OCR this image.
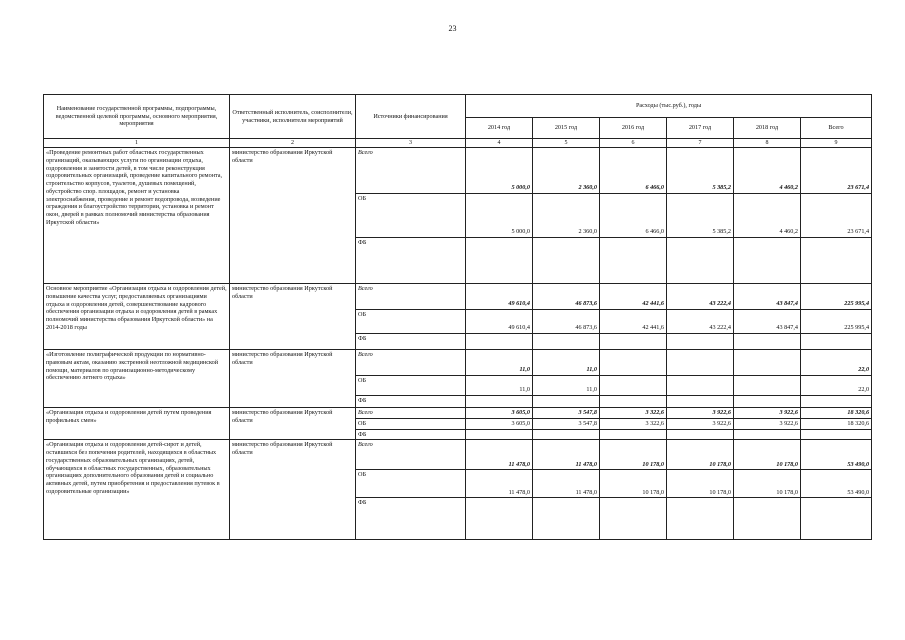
23
Наименование государственной программы, подпрограммы, ведомственной целевой программы, основного мероприятия, мероприятия	Ответственный исполнитель, соисполнители, участники, исполнители мероприятий	Источники финансирования	Расходы (тыс.руб.), годы					
			2014 год	2015 год	2016 год	2017 год	2018 год	Всего
1	2	3	4	5	6	7	8	9
«Проведение ремонтных работ областных государственных организаций, оказывающих услуги по организации отдыха, оздоровления и занятости детей, в том числе реконструкция оздоровительных организаций, проведение капитального ремонта, строительство корпусов, туалетов, душевых помещений, обустройство спор. площадок, ремонт и установка электроснабжения, проведение и ремонт водопровода, возведение ограждения и благоустройство территории, установка и ремонт окон, дверей в рамках полномочий министерства образования Иркутской области»	министерство образования Иркутской области	Всего	5 000,0	2 360,0	6 466,0	5 385,2	4 460,2	23 671,4
		ОБ	5 000,0	2 360,0	6 466,0	5 385,2	4 460,2	23 671,4
		ФБ						
Основное мероприятие «Организация отдыха и оздоровления детей, повышение качества услуг, предоставляемых организациями отдыха и оздоровления детей, совершенствование кадрового обеспечения организации отдыха и оздоровления детей в рамках полномочий министерства образования Иркутской области» на 2014-2018 годы	министерство образования Иркутской области	Всего	49 610,4	46 873,6	42 441,6	43 222,4	43 847,4	225 995,4
		ОБ	49 610,4	46 873,6	42 441,6	43 222,4	43 847,4	225 995,4
		ФБ						
«Изготовление полиграфической продукции по нормативно-правовым актам, оказанию экстренной неотложной медицинской помощи, материалов по организационно-методическому обеспечению летнего отдыха»	министерство образования Иркутской области	Всего	11,0	11,0				22,0
		ОБ	11,0	11,0				22,0
		ФБ						
«Организация отдыха и оздоровления детей путем проведения профильных смен»	министерство образования Иркутской области	Всего	3 605,0	3 547,8	3 322,6	3 922,6	3 922,6	18 320,6
		ОБ	3 605,0	3 547,8	3 322,6	3 922,6	3 922,6	18 320,6
		ФБ						
«Организация отдыха и оздоровления детей-сирот и детей, оставшихся без попечения родителей, находящихся в областных государственных образовательных организациях, детей, обучающихся в областных государственных, образовательных организациях дополнительного образования детей и социально активных детей, путем приобретения и предоставления путевок в оздоровительные организации»	министерство образования Иркутской области	Всего	11 478,0	11 478,0	10 178,0	10 178,0	10 178,0	53 490,0
		ОБ	11 478,0	11 478,0	10 178,0	10 178,0	10 178,0	53 490,0
		ФБ						
